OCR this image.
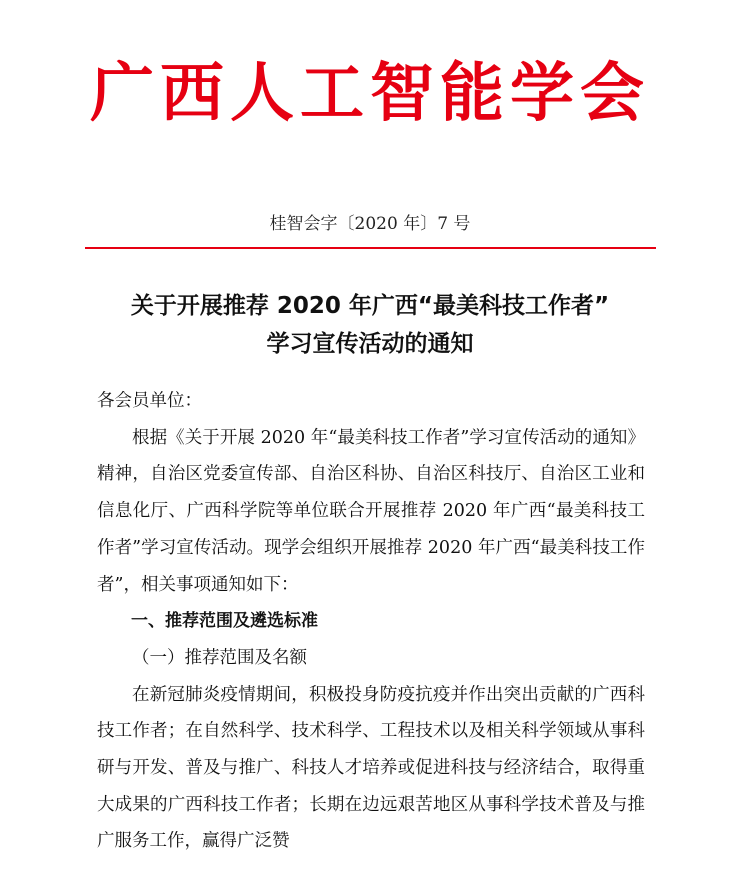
广西人工智能学会
桂智会字〔2020 年〕7 号
关于开展推荐 2020 年广西“最美科技工作者”
学习宣传活动的通知

各会员单位：

根据《关于开展 2020 年“最美科技工作者”学习宣传活动的通知》精神，自治区党委宣传部、自治区科协、自治区科技厅、自治区工业和信息化厅、广西科学院等单位联合开展推荐 2020 年广西“最美科技工作者”学习宣传活动。现学会组织开展推荐 2020 年广西“最美科技工作者”，相关事项通知如下：

一、推荐范围及遴选标准

（一）推荐范围及名额

在新冠肺炎疫情期间，积极投身防疫抗疫并作出突出贡献的广西科技工作者；在自然科学、技术科学、工程技术以及相关科学领域从事科研与开发、普及与推广、科技人才培养或促进科技与经济结合，取得重大成果的广西科技工作者；长期在边远艰苦地区从事科学技术普及与推广服务工作，赢得广泛赞
